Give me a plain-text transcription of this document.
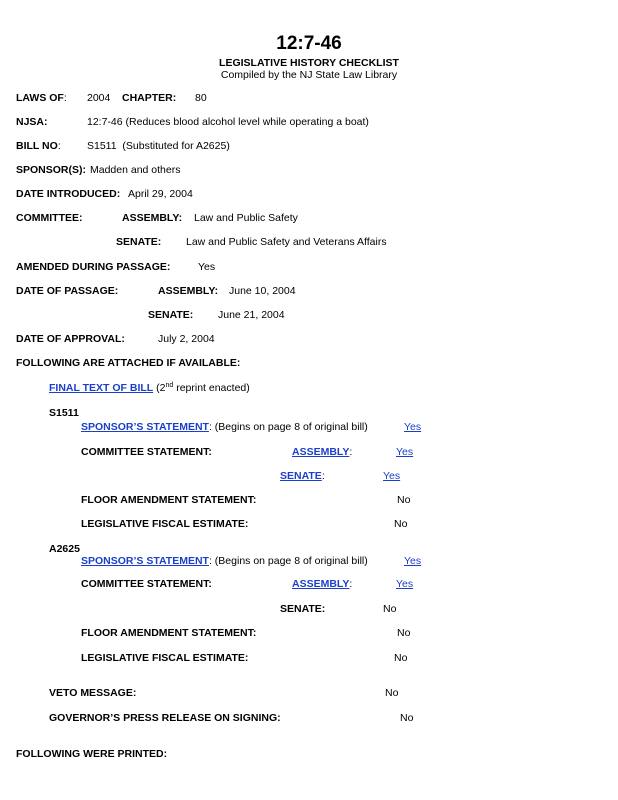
12:7-46
LEGISLATIVE HISTORY CHECKLIST
Compiled by the NJ State Law Library
LAWS OF: 2004 CHAPTER: 80
NJSA:	12:7-46 (Reduces blood alcohol level while operating a boat)
BILL NO:	S1511  (Substituted for A2625)
SPONSOR(S): Madden and others
DATE INTRODUCED: April 29, 2004
COMMITTEE:	ASSEMBLY: Law and Public Safety
SENATE: Law and Public Safety and Veterans Affairs
AMENDED DURING PASSAGE:	Yes
DATE OF PASSAGE:	ASSEMBLY: June 10, 2004
SENATE: June 21, 2004
DATE OF APPROVAL:	July 2, 2004
FOLLOWING ARE ATTACHED IF AVAILABLE:
FINAL TEXT OF BILL (2nd reprint enacted)
S1511
SPONSOR’S STATEMENT: (Begins on page 8 of original bill)	Yes
COMMITTEE STATEMENT:	ASSEMBLY:	Yes
SENATE:	Yes
FLOOR AMENDMENT STATEMENT:	No
LEGISLATIVE FISCAL ESTIMATE:	No
A2625
SPONSOR’S STATEMENT: (Begins on page 8 of original bill)	Yes
COMMITTEE STATEMENT:	ASSEMBLY:	Yes
SENATE:	No
FLOOR AMENDMENT STATEMENT:	No
LEGISLATIVE FISCAL ESTIMATE:	No
VETO MESSAGE:	No
GOVERNOR’S PRESS RELEASE ON SIGNING:	No
FOLLOWING WERE PRINTED:
